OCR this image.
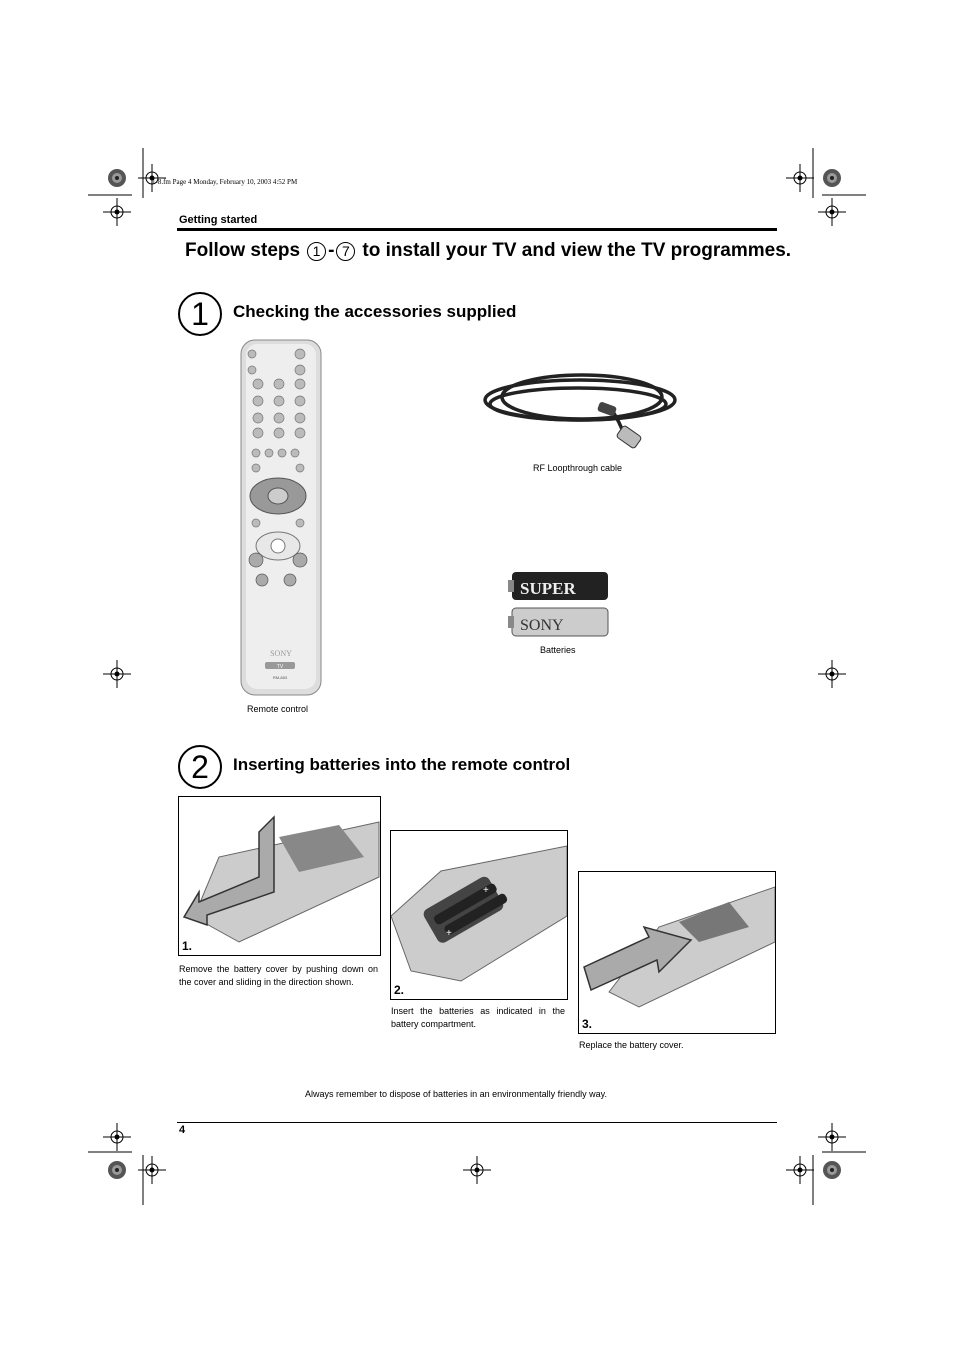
1-8.fm Page 4 Monday, February 10, 2003 4:52 PM
Getting started
Follow steps 1 - 7 to install your TV and view the TV programmes.
1	Checking the accessories supplied
SONY
TV
RM-883
Remote control
RF Loopthrough cable
SUPER
SONY
Batteries
2	Inserting batteries into the remote control
1.
Remove the battery cover by pushing down on the cover and sliding in the direction shown.
+
+
2.
Insert the batteries as indicated in the battery compartment.	3.
Replace the battery cover.
Always remember to dispose of batteries in an environmentally friendly way.
4
